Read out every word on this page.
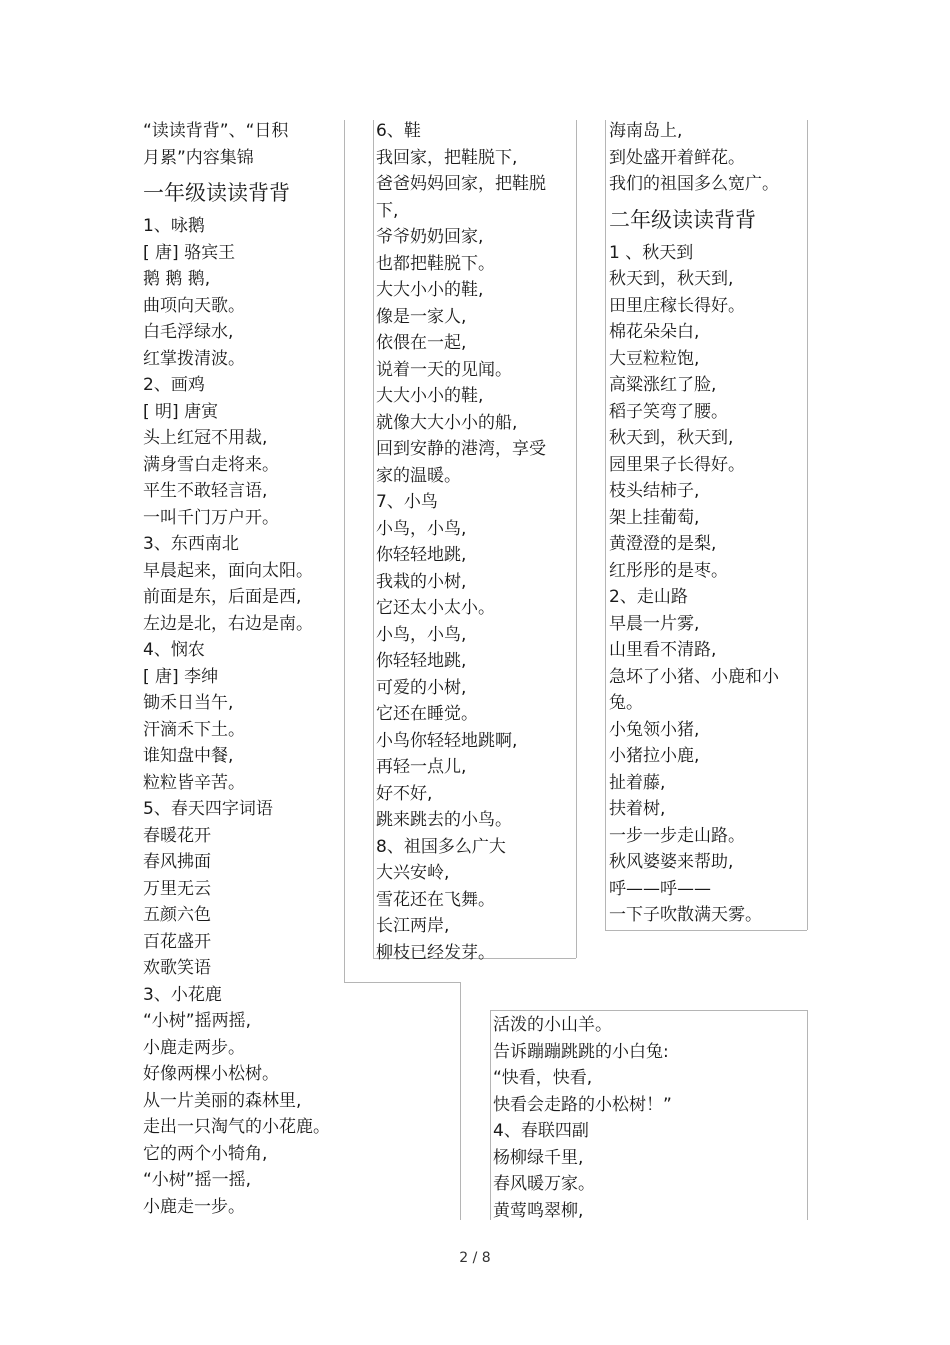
“读读背背”、“日积
月累”内容集锦
一年级读读背背
1、咏鹅
[ 唐] 骆宾王
鹅 鹅 鹅,
曲项向天歌。
白毛浮绿水,
红掌拨清波。
2、画鸡
[ 明] 唐寅
头上红冠不用裁,
满身雪白走将来。
平生不敢轻言语,
一叫千门万户开。
3、东西南北
早晨起来，面向太阳。
前面是东，后面是西,
左边是北，右边是南。
4、悯农
[ 唐] 李绅
锄禾日当午,
汗滴禾下土。
谁知盘中餐,
粒粒皆辛苦。
5、春天四字词语
春暖花开
春风拂面
万里无云
五颜六色
百花盛开
欢歌笑语
3、小花鹿
“小树”摇两摇,
小鹿走两步。
好像两棵小松树。
从一片美丽的森林里,
走出一只淘气的小花鹿。
它的两个小犄角,
“小树”摇一摇,
小鹿走一步。
6、鞋
我回家，把鞋脱下,
爸爸妈妈回家，把鞋脱
下,
爷爷奶奶回家,
也都把鞋脱下。
大大小小的鞋,
像是一家人,
依偎在一起,
说着一天的见闻。
大大小小的鞋,
就像大大小小的船,
回到安静的港湾，享受
家的温暖。
7、小鸟
小鸟，小鸟,
你轻轻地跳,
我栽的小树,
它还太小太小。
小鸟，小鸟,
你轻轻地跳,
可爱的小树,
它还在睡觉。
小鸟你轻轻地跳啊,
再轻一点儿,
好不好,
跳来跳去的小鸟。
8、祖国多么广大
大兴安岭,
雪花还在飞舞。
长江两岸,
柳枝已经发芽。
海南岛上,
到处盛开着鲜花。
我们的祖国多么宽广。
二年级读读背背
1 、秋天到
秋天到，秋天到,
田里庄稼长得好。
棉花朵朵白,
大豆粒粒饱,
高粱涨红了脸,
稻子笑弯了腰。
秋天到，秋天到,
园里果子长得好。
枝头结柿子,
架上挂葡萄,
黄澄澄的是梨,
红彤彤的是枣。
2、走山路
早晨一片雾,
山里看不清路,
急坏了小猪、小鹿和小
兔。
小兔领小猪,
小猪拉小鹿,
扯着藤,
扶着树,
一步一步走山路。
秋风婆婆来帮助,
呼——呼——
一下子吹散满天雾。
活泼的小山羊。
告诉蹦蹦跳跳的小白兔:
“快看，快看,
快看会走路的小松树！”
4、春联四副
杨柳绿千里,
春风暖万家。
黄莺鸣翠柳,
2 / 8
